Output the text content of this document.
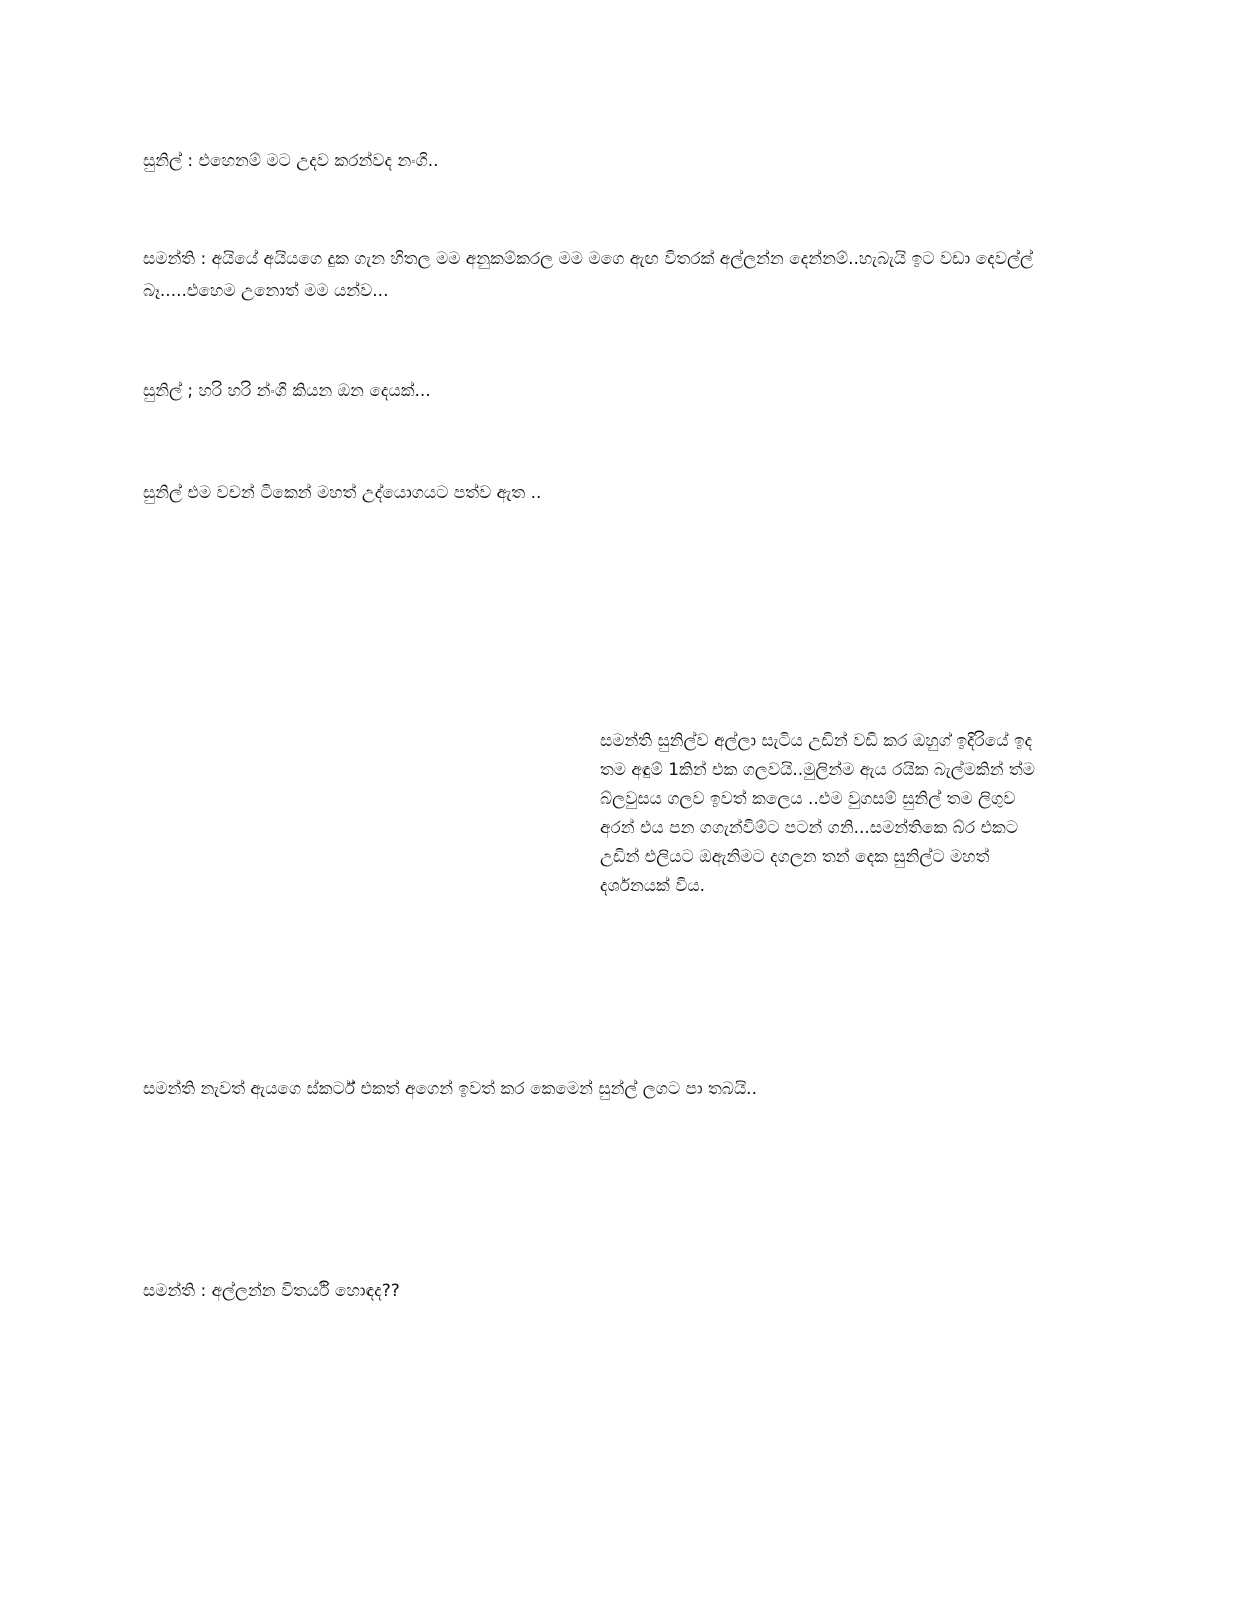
සුනිල් : එහෙනම් මට උදව කරන්වද නංගි..

සමන්ති : අයියේ අයියගෙ දුක ගැන හිතල මම අනුකම්කරල මම මගෙ ඇඟ විතරක් අල්ලන්න දෙන්නම්..හැබැයි ඉට වඩා දෙවල්ල් බෑ.....එහෙම උනොත් මම යන්ව...

සුනිල් ; හරි හරි න්ංගි කියන ඔන දෙයක්...

සුනිල් එම වචන් ටිකෙන් මහත් උද්යොගයට පත්ව ඇත ..

සමන්ති සුනිල්ව අල්ලා සැටිය උඩින් වඩි කර ඔහුග් ඉදිරියේ ඉද තම අඳුම් 1කින් එක ගලවයි..මුලින්ම ඇය රයික බැල්මකින් ත්ම බ්ලවුසය ගලව ඉවත් කලෙය ..එම වුගසම් සුනිල් තම ලිගුව අරන් එය පන ගගැන්විම්ට පටන් ගනි...සමන්තිකෙ බ්ර එකට උඩින් එලියට ඔඇනිමට දගලන තන් දෙක සුනිල්ට මහත් දර්ශනයක් විය.

සමන්ති නැවත් ඇයගෙ ස්කර්ට් එකත් අගෙන් ඉවත් කර කෙමෙන් සුන්ල් ලගට පා තබයි..

සමන්ති : අල්ලන්න විතර්යි හොඳද??
